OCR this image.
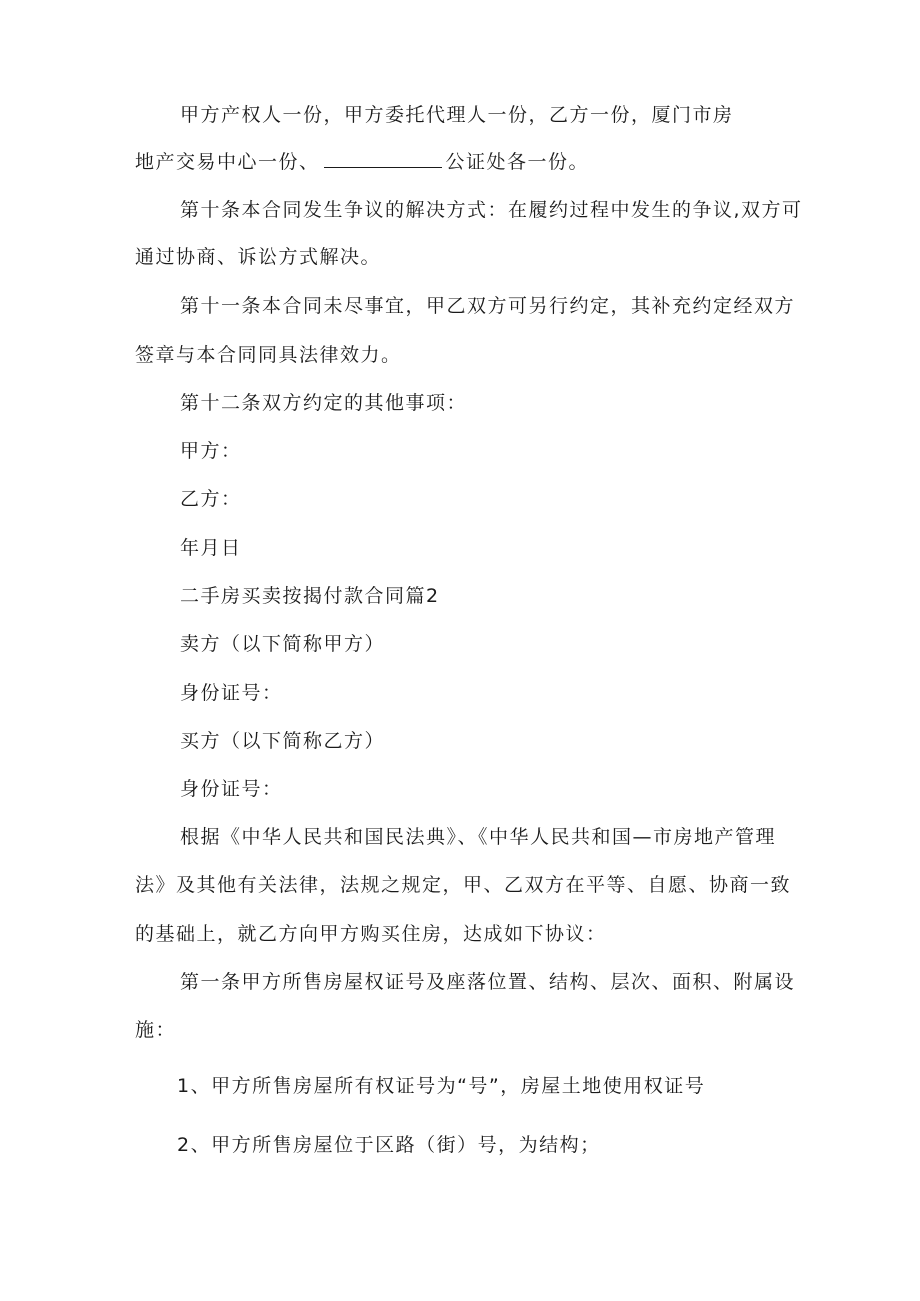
甲方产权人一份，甲方委托代理人一份，乙方一份，厦门市房

地产交易中心一份、	公证处各一份。

第十条本合同发生争议的解决方式：在履约过程中发生的争议,双方可

通过协商、诉讼方式解决。

第十一条本合同未尽事宜，甲乙双方可另行约定，其补充约定经双方

签章与本合同同具法律效力。

第十二条双方约定的其他事项：

甲方：

乙方：

年月日

二手房买卖按揭付款合同篇2

卖方（以下简称甲方）

身份证号：

买方（以下简称乙方）

身份证号：

根据《中华人民共和国民法典》、《中华人民共和国—市房地产管理

法》及其他有关法律，法规之规定，甲、乙双方在平等、自愿、协商一致

的基础上，就乙方向甲方购买住房，达成如下协议：

第一条甲方所售房屋权证号及座落位置、结构、层次、面积、附属设

施：

1、甲方所售房屋所有权证号为“号”，房屋土地使用权证号

2、甲方所售房屋位于区路（街）号，为结构；
